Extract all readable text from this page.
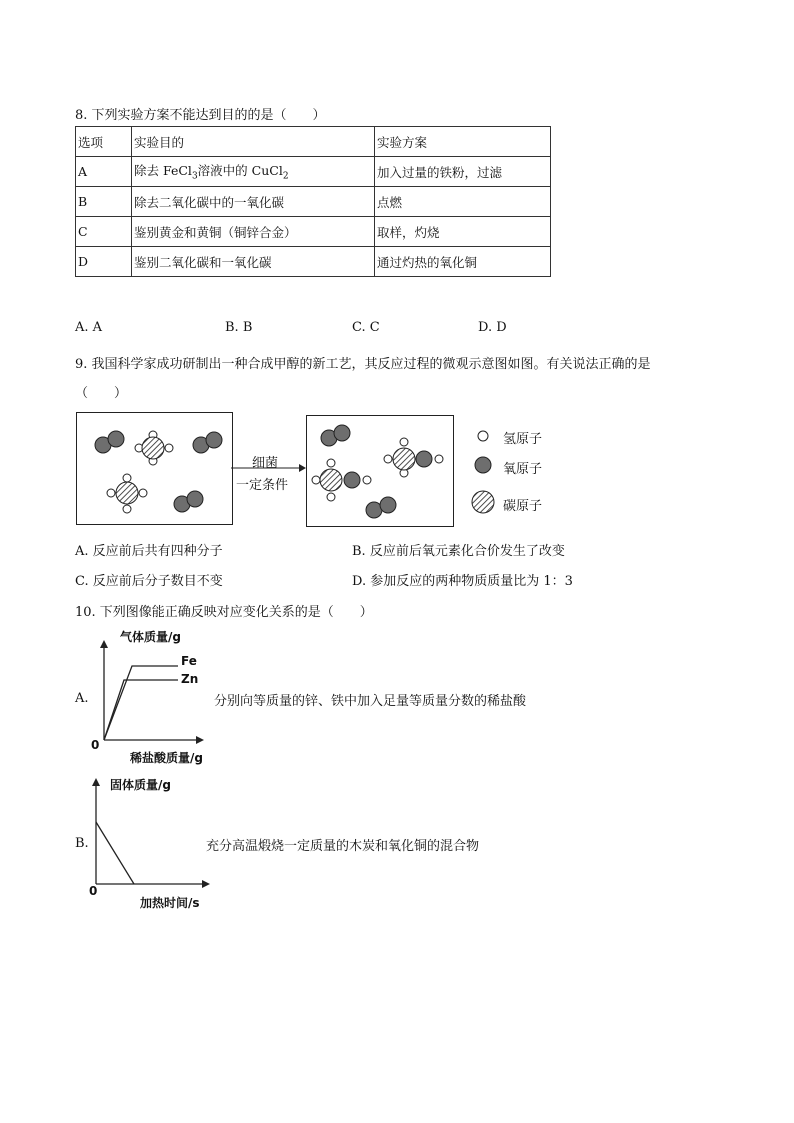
8. 下列实验方案不能达到目的的是（　　）
选项	实验目的	实验方案
A	除去 FeCl$_3$溶液中的 CuCl$_2$	加入过量的铁粉，过滤
B	除去二氧化碳中的一氧化碳	点燃
C	鉴别黄金和黄铜（铜锌合金）	取样，灼烧
D	鉴别二氧化碳和一氧化碳	通过灼热的氧化铜
A. A	B. B	C. C	D. D
9. 我国科学家成功研制出一种合成甲醇的新工艺，其反应过程的微观示意图如图。有关说法正确的是
（　　）
细菌
一定条件
氢原子
氧原子
碳原子
A. 反应前后共有四种分子	B. 反应前后氧元素化合价发生了改变
C. 反应前后分子数目不变	D. 参加反应的两种物质质量比为 1：3
10. 下列图像能正确反映对应变化关系的是（　　）
A.
气体质量/g
Fe
Zn
0
稀盐酸质量/g
分别向等质量的锌、铁中加入足量等质量分数的稀盐酸
B.
固体质量/g
0
加热时间/s
充分高温煅烧一定质量的木炭和氧化铜的混合物
